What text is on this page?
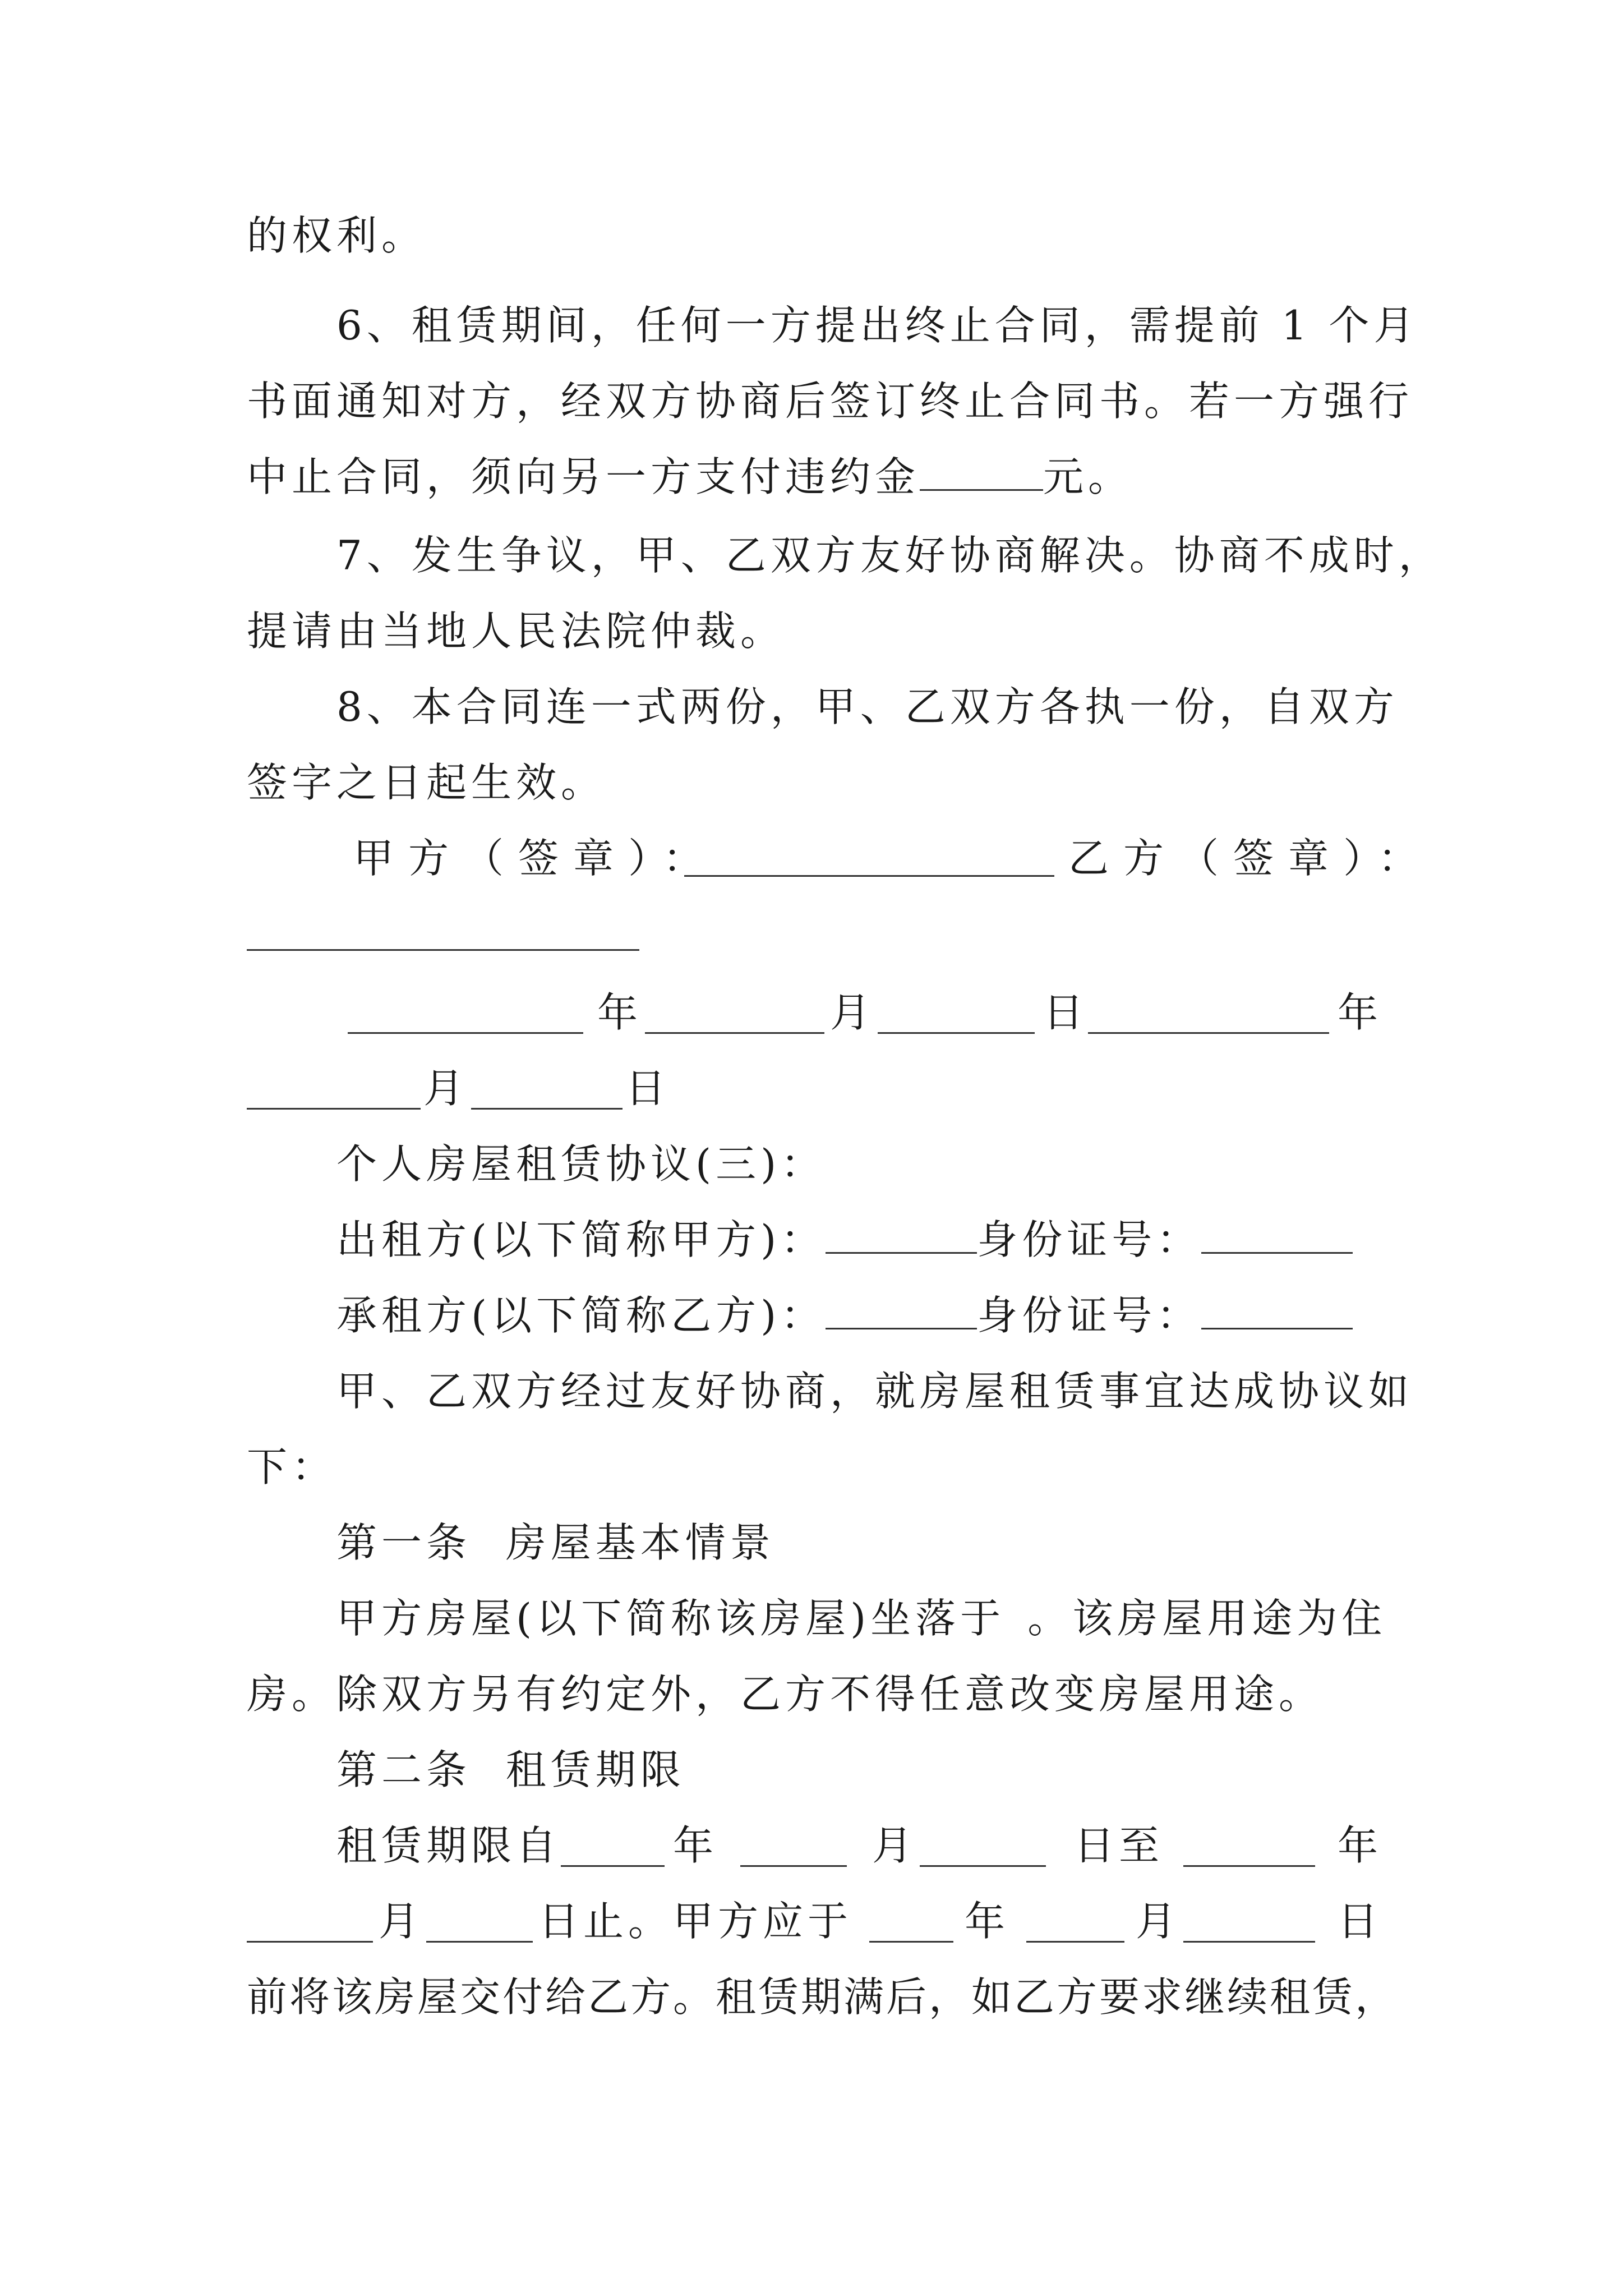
的权利。
6、租赁期间，任何一方提出终止合同，需提前 1 个月
书面通知对方，经双方协商后签订终止合同书。若一方强行
中止合同，须向另一方支付违约金	元。
7、发生争议，甲、乙双方友好协商解决。协商不成时，
提请由当地人民法院仲裁。
8、本合同连一式两份，甲、乙双方各执一份，自双方
签字之日起生效。
甲方（签章）：	乙方（签章）：
年	月	日	年
月	日
个人房屋租赁协议(三)：
出租方(以下简称甲方)：	身份证号：
承租方(以下简称乙方)：	身份证号：
甲、乙双方经过友好协商，就房屋租赁事宜达成协议如
下：
第一条  房屋基本情景
甲方房屋(以下简称该房屋)坐落于 。该房屋用途为住
房。除双方另有约定外，乙方不得任意改变房屋用途。
第二条  租赁期限
租赁期限自	年	月	日至	年
月	日止。甲方应于	年	月	日
前将该房屋交付给乙方。租赁期满后，如乙方要求继续租赁，
